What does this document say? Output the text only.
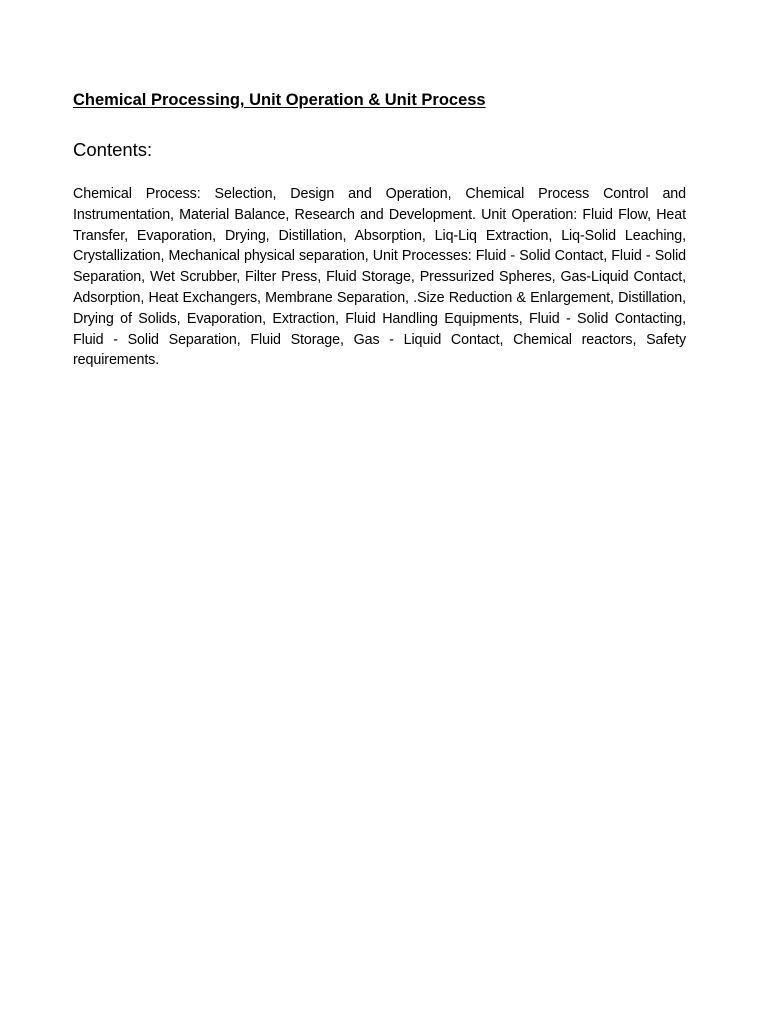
Chemical Processing, Unit Operation & Unit Process
Contents:

Chemical Process: Selection, Design and Operation, Chemical Process Control and Instrumentation, Material Balance, Research and Development. Unit Operation: Fluid Flow, Heat Transfer, Evaporation, Drying, Distillation, Absorption, Liq-Liq Extraction, Liq-Solid Leaching, Crystallization, Mechanical physical separation, Unit Processes: Fluid - Solid Contact, Fluid - Solid Separation, Wet Scrubber, Filter Press, Fluid Storage, Pressurized Spheres, Gas-Liquid Contact, Adsorption, Heat Exchangers, Membrane Separation, .Size Reduction & Enlargement, Distillation, Drying of Solids, Evaporation, Extraction, Fluid Handling Equipments, Fluid - Solid Contacting, Fluid - Solid Separation, Fluid Storage, Gas - Liquid Contact, Chemical reactors, Safety requirements.
